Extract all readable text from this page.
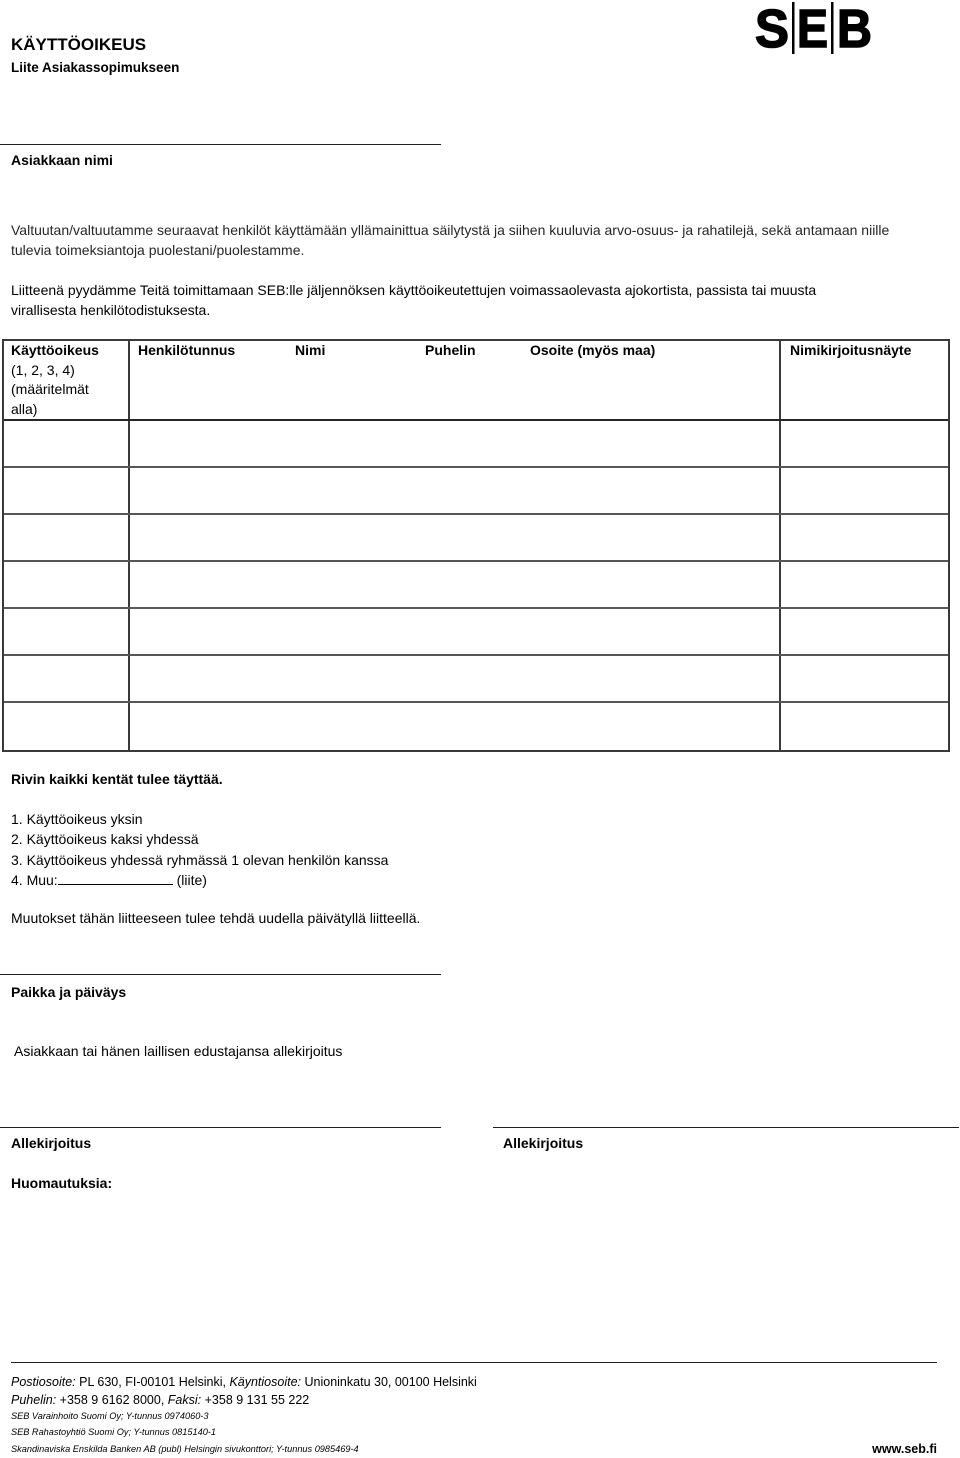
KÄYTTÖOIKEUS
Liite Asiakassopimukseen
S E B
Asiakkaan nimi
Valtuutan/valtuutamme seuraavat henkilöt käyttämään yllämainittua säilytystä ja siihen kuuluvia arvo-osuus- ja rahatilejä, sekä antamaan niille
tulevia toimeksiantoja puolestani/puolestamme.
Liitteenä pyydämme Teitä toimittamaan SEB:lle jäljennöksen käyttöoikeutettujen voimassaolevasta ajokortista, passista tai muusta
virallisesta henkilötodistuksesta.
Käyttöoikeus
(1, 2, 3, 4)
(määritelmät
alla)
Henkilötunnus	Nimi	Puhelin	Osoite (myös maa)	Nimikirjoitusnäyte
Rivin kaikki kentät tulee täyttää.
1. Käyttöoikeus yksin
2. Käyttöoikeus kaksi yhdessä
3. Käyttöoikeus yhdessä ryhmässä 1 olevan henkilön kanssa
4. Muu:	(liite)
Muutokset tähän liitteeseen tulee tehdä uudella päivätyllä liitteellä.
Paikka ja päiväys
Asiakkaan tai hänen laillisen edustajansa allekirjoitus
Allekirjoitus	Allekirjoitus
Huomautuksia:
Postiosoite: PL 630, FI-00101 Helsinki, Käyntiosoite: Unioninkatu 30, 00100 Helsinki
Puhelin: +358 9 6162 8000, Faksi: +358 9 131 55 222
SEB Varainhoito Suomi Oy; Y-tunnus 0974060-3
SEB Rahastoyhtiö Suomi Oy; Y-tunnus 0815140-1
Skandinaviska Enskilda Banken AB (publ) Helsingin sivukonttori; Y-tunnus 0985469-4	www.seb.fi
